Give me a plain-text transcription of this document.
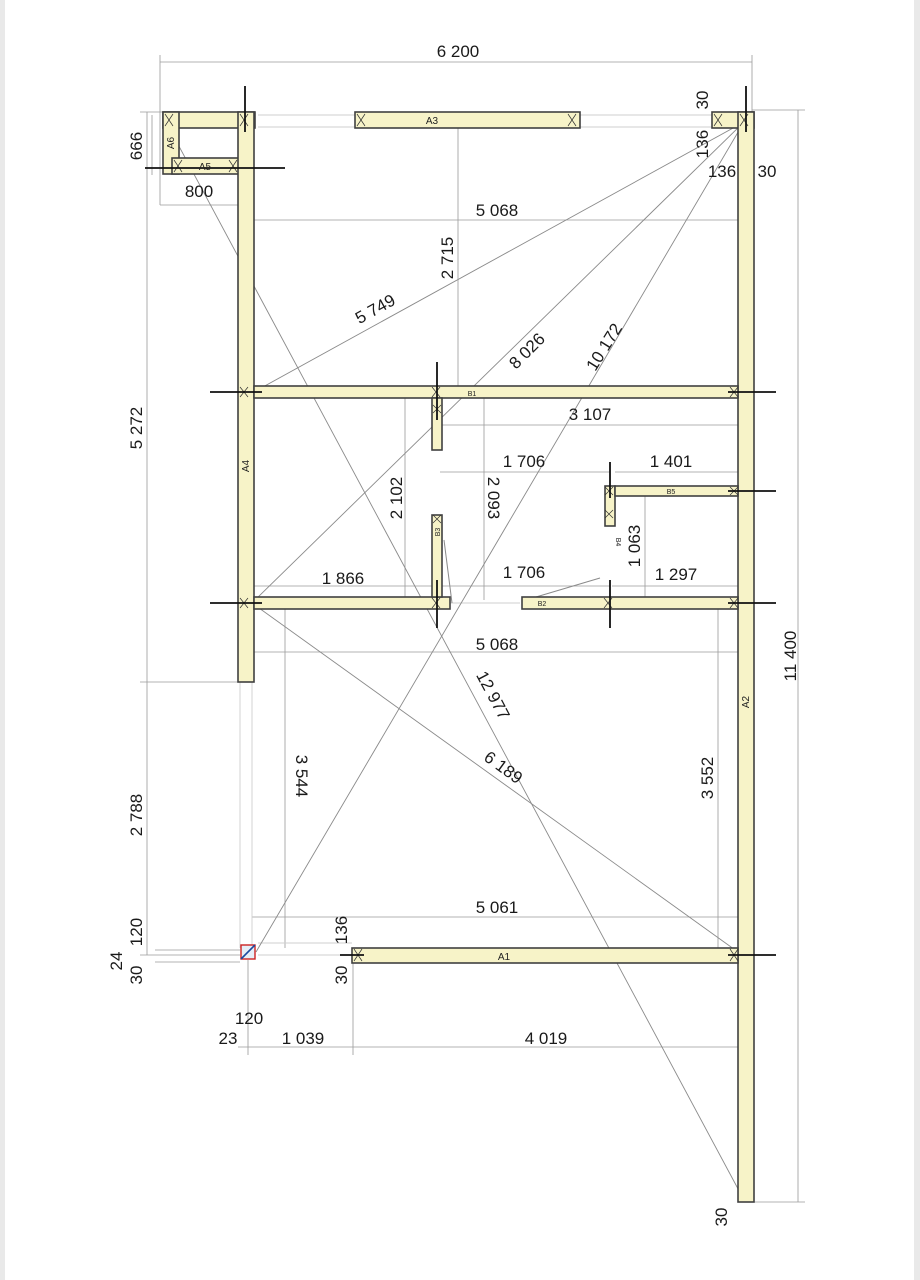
A3
A5
A6
A4
A2
A1
B1
B2
B3
B4
B5
6 200
11 400
5 272
2 788
5 068
2 715
5 749
8 026 10 172
12 977
6 189
3 107
2 102	2 093
1 706	1 401
1 063
1 297
1 866	1 706
5 068
3 544	3 552
5 061
1 039	4 019
23
120
120
24
30	30
136
666
800
30
136
136 30
30
